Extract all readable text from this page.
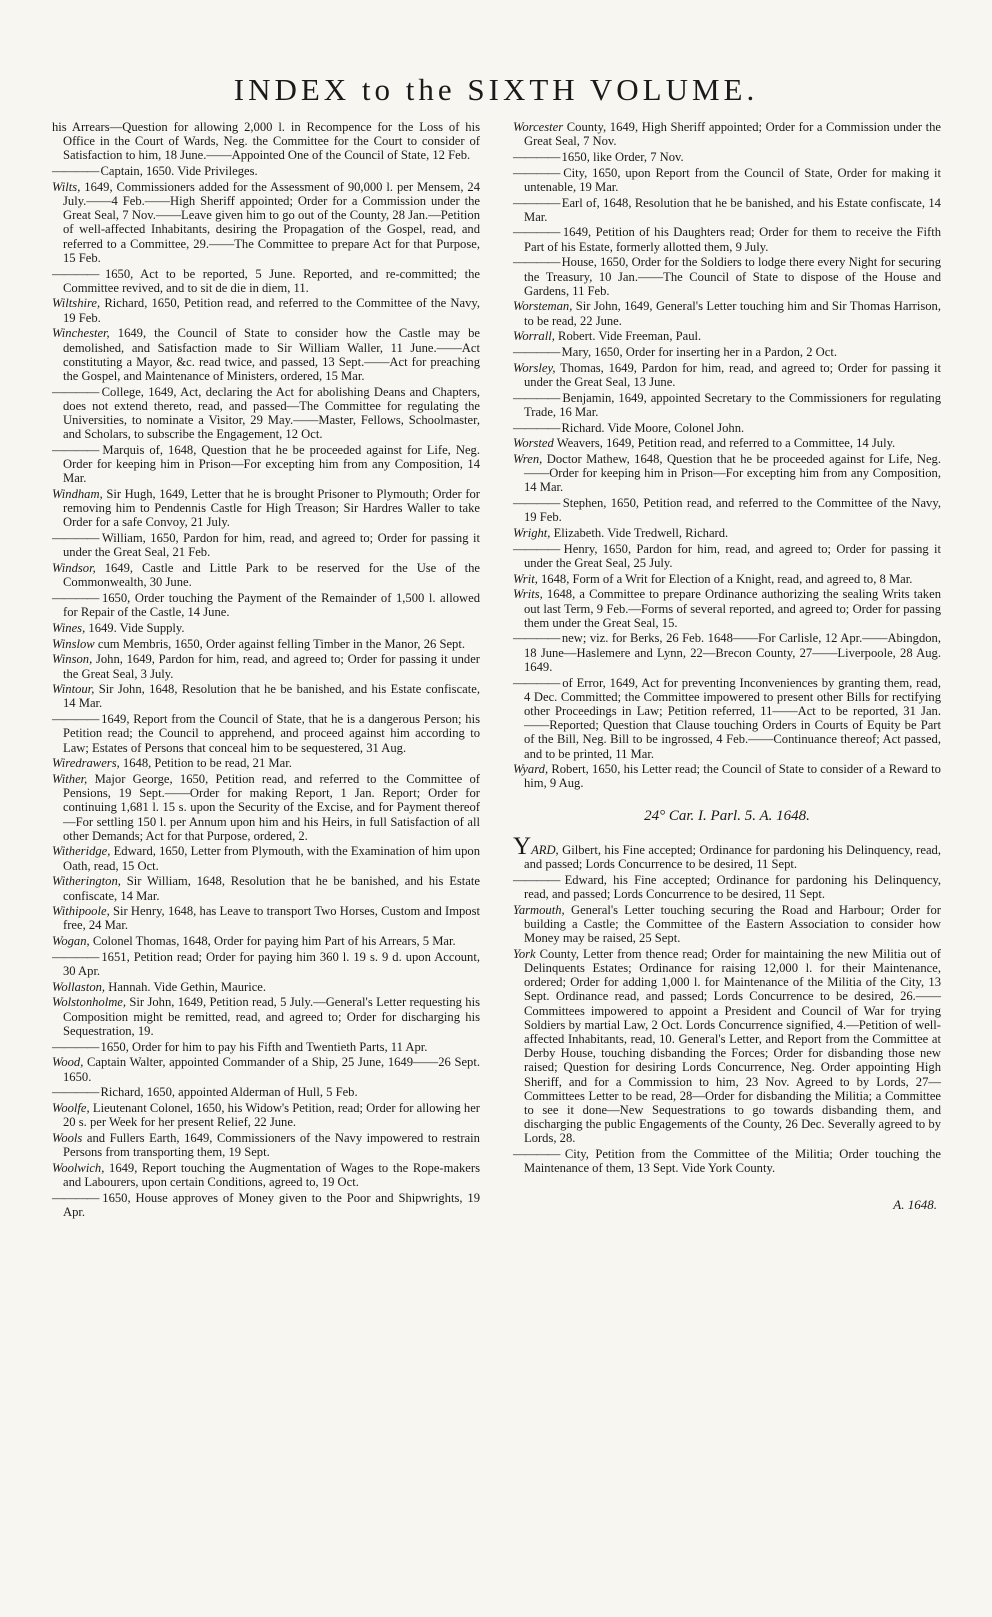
INDEX to the SIXTH VOLUME.

his Arrears—Question for allowing 2,000 l. in Recompence for the Loss of his Office in the Court of Wards, Neg. the Committee for the Court to consider of Satisfaction to him, 18 June.——Appointed One of the Council of State, 12 Feb.

———— Captain, 1650. Vide Privileges.

Wilts, 1649, Commissioners added for the Assessment of 90,000 l. per Mensem, 24 July.——4 Feb.——High Sheriff appointed; Order for a Commission under the Great Seal, 7 Nov.——Leave given him to go out of the County, 28 Jan.—Petition of well-affected Inhabitants, desiring the Propagation of the Gospel, read, and referred to a Committee, 29.——The Committee to prepare Act for that Purpose, 15 Feb.

———— 1650, Act to be reported, 5 June. Reported, and re-committed; the Committee revived, and to sit de die in diem, 11.

Wiltshire, Richard, 1650, Petition read, and referred to the Committee of the Navy, 19 Feb.

Winchester, 1649, the Council of State to consider how the Castle may be demolished, and Satisfaction made to Sir William Waller, 11 June.——Act constituting a Mayor, &c. read twice, and passed, 13 Sept.——Act for preaching the Gospel, and Maintenance of Ministers, ordered, 15 Mar.

———— College, 1649, Act, declaring the Act for abolishing Deans and Chapters, does not extend thereto, read, and passed—The Committee for regulating the Universities, to nominate a Visitor, 29 May.——Master, Fellows, Schoolmaster, and Scholars, to subscribe the Engagement, 12 Oct.

———— Marquis of, 1648, Question that he be proceeded against for Life, Neg. Order for keeping him in Prison—For excepting him from any Composition, 14 Mar.

Windham, Sir Hugh, 1649, Letter that he is brought Prisoner to Plymouth; Order for removing him to Pendennis Castle for High Treason; Sir Hardres Waller to take Order for a safe Convoy, 21 July.

———— William, 1650, Pardon for him, read, and agreed to; Order for passing it under the Great Seal, 21 Feb.

Windsor, 1649, Castle and Little Park to be reserved for the Use of the Commonwealth, 30 June.

———— 1650, Order touching the Payment of the Remainder of 1,500 l. allowed for Repair of the Castle, 14 June.

Wines, 1649. Vide Supply.

Winslow cum Membris, 1650, Order against felling Timber in the Manor, 26 Sept.

Winson, John, 1649, Pardon for him, read, and agreed to; Order for passing it under the Great Seal, 3 July.

Wintour, Sir John, 1648, Resolution that he be banished, and his Estate confiscate, 14 Mar.

———— 1649, Report from the Council of State, that he is a dangerous Person; his Petition read; the Council to apprehend, and proceed against him according to Law; Estates of Persons that conceal him to be sequestered, 31 Aug.

Wiredrawers, 1648, Petition to be read, 21 Mar.

Wither, Major George, 1650, Petition read, and referred to the Committee of Pensions, 19 Sept.——Order for making Report, 1 Jan. Report; Order for continuing 1,681 l. 15 s. upon the Security of the Excise, and for Payment thereof—For settling 150 l. per Annum upon him and his Heirs, in full Satisfaction of all other Demands; Act for that Purpose, ordered, 2.

Witheridge, Edward, 1650, Letter from Plymouth, with the Examination of him upon Oath, read, 15 Oct.

Witherington, Sir William, 1648, Resolution that he be banished, and his Estate confiscate, 14 Mar.

Withipoole, Sir Henry, 1648, has Leave to transport Two Horses, Custom and Impost free, 24 Mar.

Wogan, Colonel Thomas, 1648, Order for paying him Part of his Arrears, 5 Mar.

———— 1651, Petition read; Order for paying him 360 l. 19 s. 9 d. upon Account, 30 Apr.

Wollaston, Hannah. Vide Gethin, Maurice.

Wolstonholme, Sir John, 1649, Petition read, 5 July.—General's Letter requesting his Composition might be remitted, read, and agreed to; Order for discharging his Sequestration, 19.

———— 1650, Order for him to pay his Fifth and Twentieth Parts, 11 Apr.

Wood, Captain Walter, appointed Commander of a Ship, 25 June, 1649——26 Sept. 1650.

———— Richard, 1650, appointed Alderman of Hull, 5 Feb.

Woolfe, Lieutenant Colonel, 1650, his Widow's Petition, read; Order for allowing her 20 s. per Week for her present Relief, 22 June.

Wools and Fullers Earth, 1649, Commissioners of the Navy impowered to restrain Persons from transporting them, 19 Sept.

Woolwich, 1649, Report touching the Augmentation of Wages to the Rope-makers and Labourers, upon certain Conditions, agreed to, 19 Oct.

———— 1650, House approves of Money given to the Poor and Shipwrights, 19 Apr.

Worcester County, 1649, High Sheriff appointed; Order for a Commission under the Great Seal, 7 Nov.

———— 1650, like Order, 7 Nov.

———— City, 1650, upon Report from the Council of State, Order for making it untenable, 19 Mar.

———— Earl of, 1648, Resolution that he be banished, and his Estate confiscate, 14 Mar.

———— 1649, Petition of his Daughters read; Order for them to receive the Fifth Part of his Estate, formerly allotted them, 9 July.

———— House, 1650, Order for the Soldiers to lodge there every Night for securing the Treasury, 10 Jan.——The Council of State to dispose of the House and Gardens, 11 Feb.

Worsteman, Sir John, 1649, General's Letter touching him and Sir Thomas Harrison, to be read, 22 June.

Worrall, Robert. Vide Freeman, Paul.

———— Mary, 1650, Order for inserting her in a Pardon, 2 Oct.

Worsley, Thomas, 1649, Pardon for him, read, and agreed to; Order for passing it under the Great Seal, 13 June.

———— Benjamin, 1649, appointed Secretary to the Commissioners for regulating Trade, 16 Mar.

———— Richard. Vide Moore, Colonel John.

Worsted Weavers, 1649, Petition read, and referred to a Committee, 14 July.

Wren, Doctor Mathew, 1648, Question that he be proceeded against for Life, Neg.——Order for keeping him in Prison—For excepting him from any Composition, 14 Mar.

———— Stephen, 1650, Petition read, and referred to the Committee of the Navy, 19 Feb.

Wright, Elizabeth. Vide Tredwell, Richard.

———— Henry, 1650, Pardon for him, read, and agreed to; Order for passing it under the Great Seal, 25 July.

Writ, 1648, Form of a Writ for Election of a Knight, read, and agreed to, 8 Mar.

Writs, 1648, a Committee to prepare Ordinance authorizing the sealing Writs taken out last Term, 9 Feb.—Forms of several reported, and agreed to; Order for passing them under the Great Seal, 15.

———— new; viz. for Berks, 26 Feb. 1648——For Carlisle, 12 Apr.——Abingdon, 18 June—Haslemere and Lynn, 22—Brecon County, 27——Liverpoole, 28 Aug. 1649.

———— of Error, 1649, Act for preventing Inconveniences by granting them, read, 4 Dec. Committed; the Committee impowered to present other Bills for rectifying other Proceedings in Law; Petition referred, 11——Act to be reported, 31 Jan.——Reported; Question that Clause touching Orders in Courts of Equity be Part of the Bill, Neg. Bill to be ingrossed, 4 Feb.——Continuance thereof; Act passed, and to be printed, 11 Mar.

Wyard, Robert, 1650, his Letter read; the Council of State to consider of a Reward to him, 9 Aug.

24° Car. I. Parl. 5. A. 1648.

YARD, Gilbert, his Fine accepted; Ordinance for pardoning his Delinquency, read, and passed; Lords Concurrence to be desired, 11 Sept.

———— Edward, his Fine accepted; Ordinance for pardoning his Delinquency, read, and passed; Lords Concurrence to be desired, 11 Sept.

Yarmouth, General's Letter touching securing the Road and Harbour; Order for building a Castle; the Committee of the Eastern Association to consider how Money may be raised, 25 Sept.

York County, Letter from thence read; Order for maintaining the new Militia out of Delinquents Estates; Ordinance for raising 12,000 l. for their Maintenance, ordered; Order for adding 1,000 l. for Maintenance of the Militia of the City, 13 Sept. Ordinance read, and passed; Lords Concurrence to be desired, 26.——Committees impowered to appoint a President and Council of War for trying Soldiers by martial Law, 2 Oct. Lords Concurrence signified, 4.—Petition of well-affected Inhabitants, read, 10. General's Letter, and Report from the Committee at Derby House, touching disbanding the Forces; Order for disbanding those new raised; Question for desiring Lords Concurrence, Neg. Order appointing High Sheriff, and for a Commission to him, 23 Nov. Agreed to by Lords, 27—Committees Letter to be read, 28—Order for disbanding the Militia; a Committee to see it done—New Sequestrations to go towards disbanding them, and discharging the public Engagements of the County, 26 Dec. Severally agreed to by Lords, 28.

———— City, Petition from the Committee of the Militia; Order touching the Maintenance of them, 13 Sept. Vide York County.

A. 1648.
